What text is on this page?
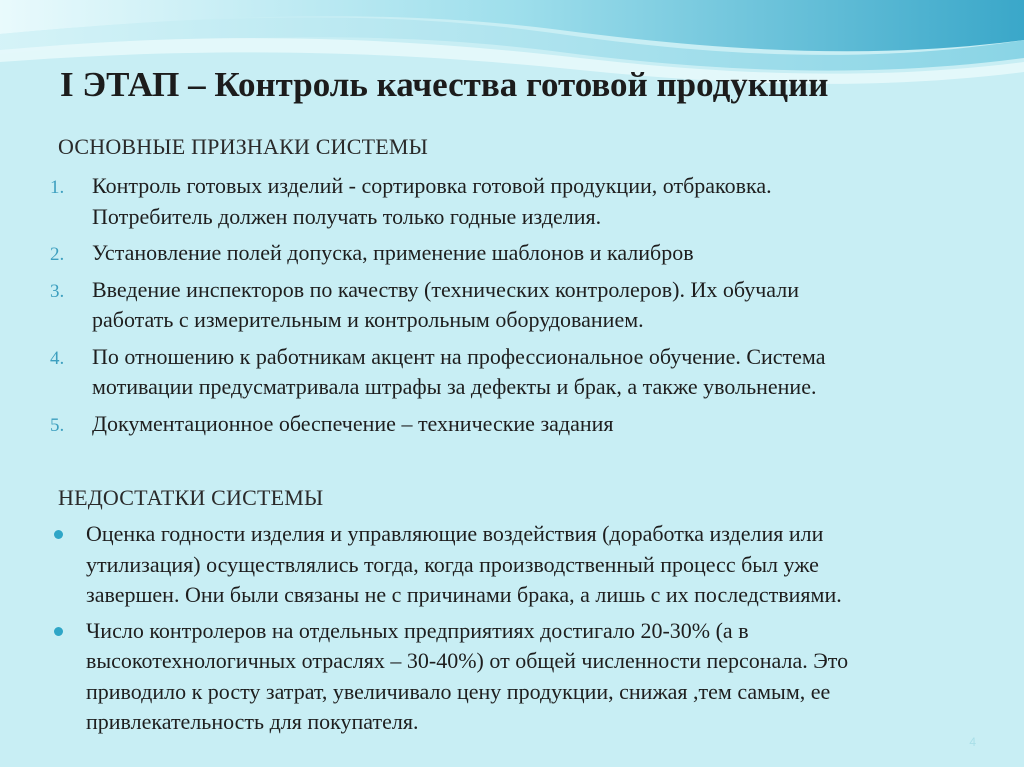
I ЭТАП – Контроль качества готовой продукции
ОСНОВНЫЕ ПРИЗНАКИ СИСТЕМЫ
1. Контроль готовых изделий - сортировка готовой продукции, отбраковка.
Потребитель должен получать только годные изделия.
2. Установление полей допуска, применение шаблонов и калибров
3. Введение инспекторов по качеству (технических контролеров). Их обучали
работать с измерительным и контрольным оборудованием.
4. По отношению к работникам акцент на профессиональное обучение. Система
мотивации предусматривала штрафы за дефекты и брак, а также увольнение.
5. Документационное обеспечение – технические задания
НЕДОСТАТКИ СИСТЕМЫ
Оценка годности изделия и управляющие воздействия (доработка изделия или
утилизация) осуществлялись тогда, когда производственный процесс был уже
завершен. Они были связаны не с причинами брака, а лишь с их последствиями.
Число контролеров на отдельных предприятиях достигало 20-30% (а в
высокотехнологичных отраслях – 30-40%) от общей численности персонала. Это
приводило к росту затрат, увеличивало цену продукции, снижая ,тем самым, ее
привлекательность для покупателя.
4
